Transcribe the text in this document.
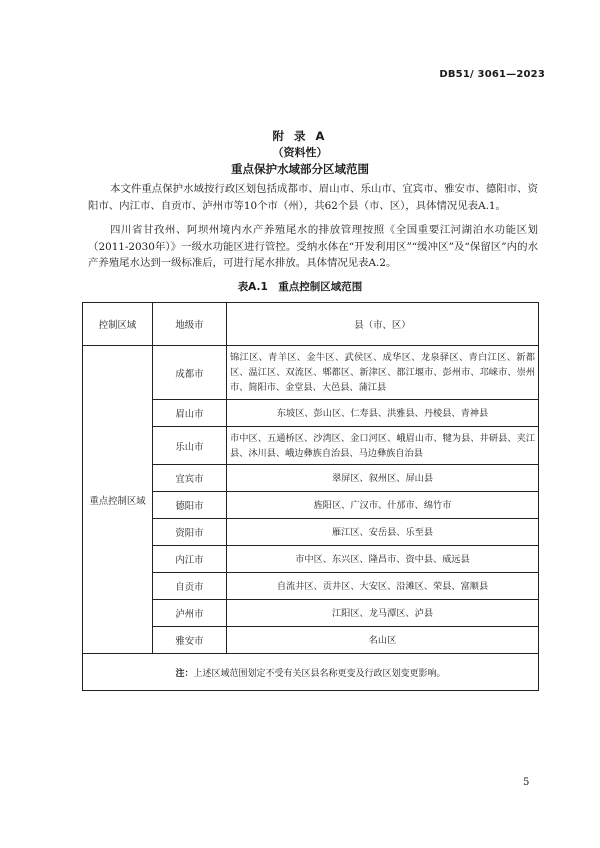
DB51/ 3061—2023
附 录 A
（资料性）
重点保护水域部分区域范围

本文件重点保护水域按行政区划包括成都市、眉山市、乐山市、宜宾市、雅安市、德阳市、资阳市、内江市、自贡市、泸州市等10个市（州），共62个县（市、区），具体情况见表A.1。

四川省甘孜州、阿坝州境内水产养殖尾水的排放管理按照《全国重要江河湖泊水功能区划（2011-2030年）》一级水功能区进行管控。受纳水体在“开发利用区”“缓冲区”及“保留区”内的水产养殖尾水达到一级标准后，可进行尾水排放。具体情况见表A.2。

表A.1　重点控制区域范围
控制区域	地级市	县（市、区）
重点控制区域	成都市	锦江区、青羊区、金牛区、武侯区、成华区、龙泉驿区、青白江区、新都区、温江区、双流区、郫都区、新津区、都江堰市、彭州市、邛崃市、崇州市、简阳市、金堂县、大邑县、蒲江县
	眉山市	东坡区、彭山区、仁寿县、洪雅县、丹棱县、青神县
	乐山市	市中区、五通桥区、沙湾区、金口河区、峨眉山市、犍为县、井研县、夹江县、沐川县、峨边彝族自治县、马边彝族自治县
	宜宾市	翠屏区、叙州区、屏山县
	德阳市	旌阳区、广汉市、什邡市、绵竹市
	资阳市	雁江区、安岳县、乐至县
	内江市	市中区、东兴区、隆昌市、资中县、威远县
	自贡市	自流井区、贡井区、大安区、沿滩区、荣县、富顺县
	泸州市	江阳区、龙马潭区、泸县
	雅安市	名山区
注：上述区域范围划定不受有关区县名称更变及行政区划变更影响。		
5
